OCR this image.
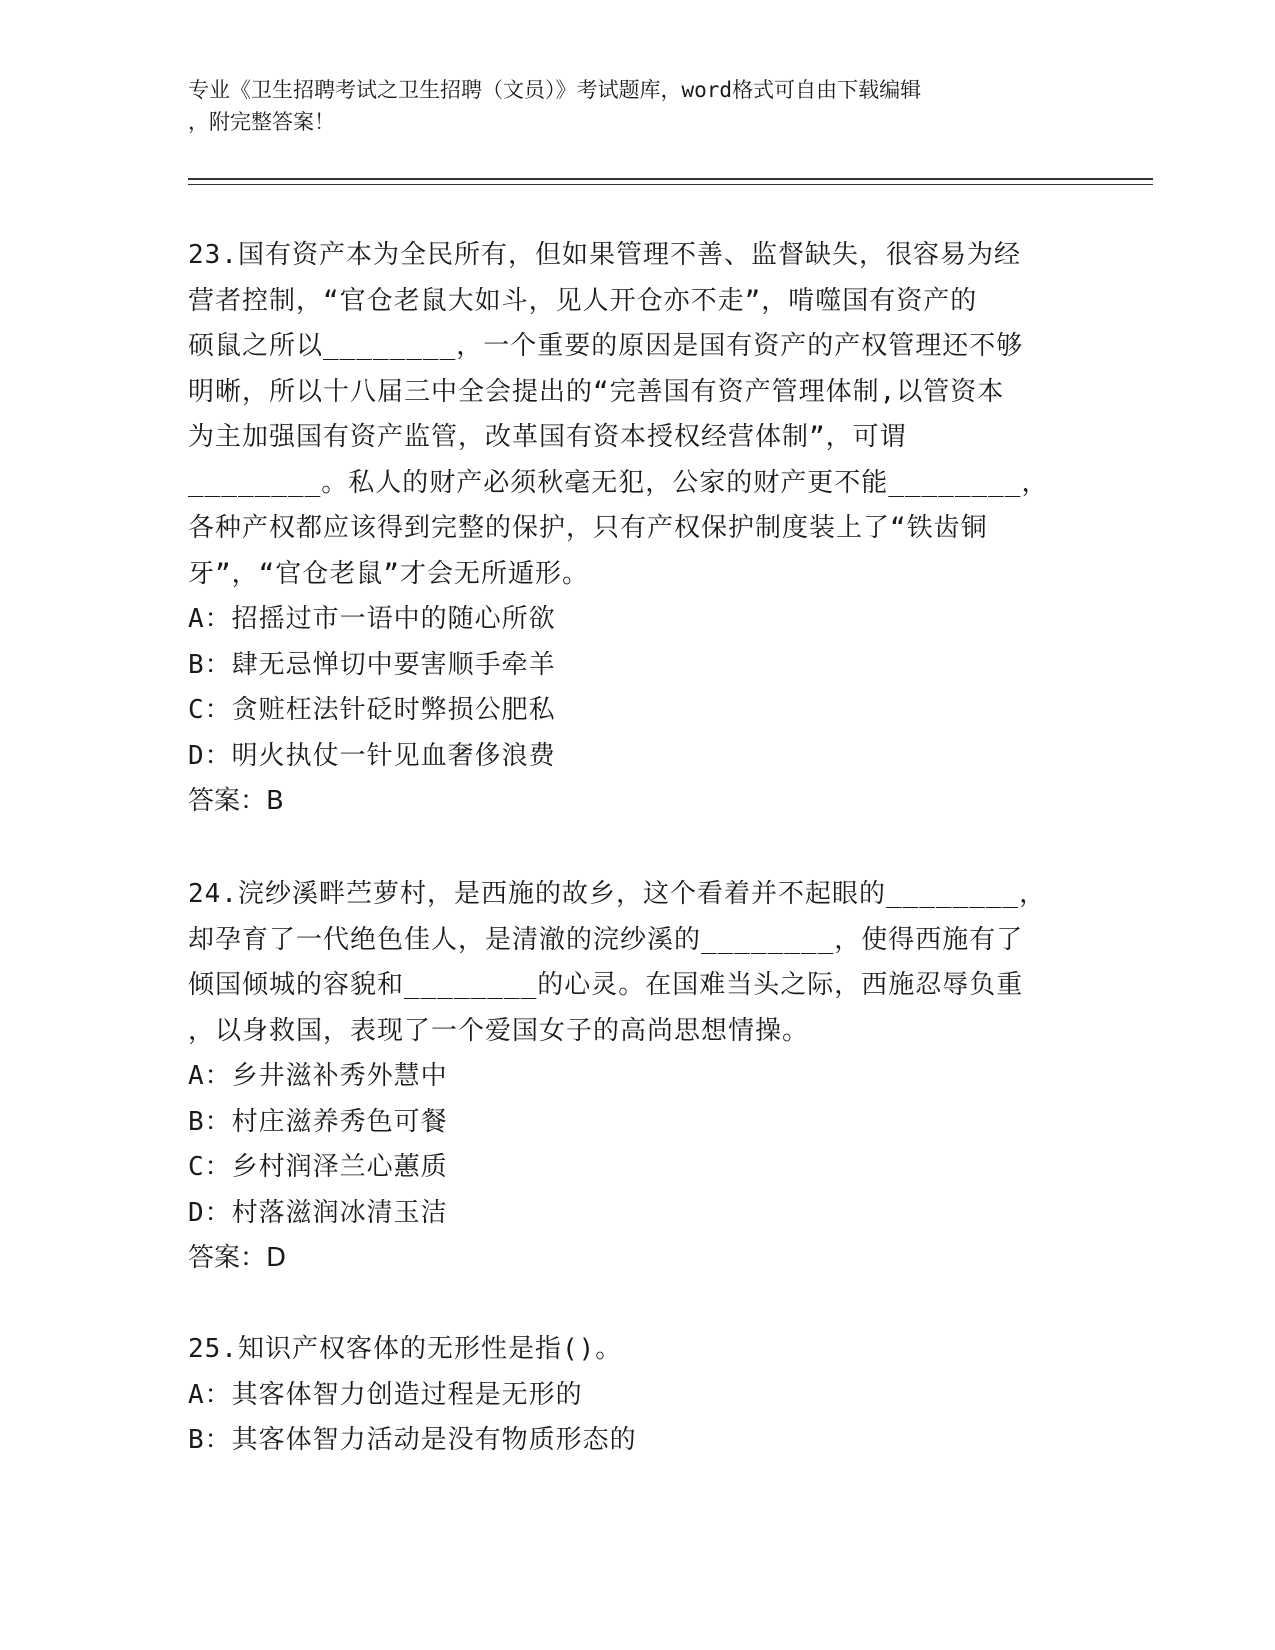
专业《卫生招聘考试之卫生招聘（文员）》考试题库，word格式可自由下载编辑
，附完整答案！
23.国有资产本为全民所有，但如果管理不善、监督缺失，很容易为经
营者控制，“官仓老鼠大如斗，见人开仓亦不走”，啃噬国有资产的
硕鼠之所以________，一个重要的原因是国有资产的产权管理还不够
明晰，所以十八届三中全会提出的“完善国有资产管理体制,以管资本
为主加强国有资产监管，改革国有资本授权经营体制”，可谓
________。私人的财产必须秋毫无犯，公家的财产更不能________，
各种产权都应该得到完整的保护，只有产权保护制度装上了“铁齿铜
牙”，“官仓老鼠”才会无所遁形。
A：招摇过市一语中的随心所欲
B：肆无忌惮切中要害顺手牵羊
C：贪赃枉法针砭时弊损公肥私
D：明火执仗一针见血奢侈浪费
答案：B
24.浣纱溪畔苎萝村，是西施的故乡，这个看着并不起眼的________，
却孕育了一代绝色佳人，是清澈的浣纱溪的________，使得西施有了
倾国倾城的容貌和________的心灵。在国难当头之际，西施忍辱负重
，以身救国，表现了一个爱国女子的高尚思想情操。
A：乡井滋补秀外慧中
B：村庄滋养秀色可餐
C：乡村润泽兰心蕙质
D：村落滋润冰清玉洁
答案：D
25.知识产权客体的无形性是指()。
A：其客体智力创造过程是无形的
B：其客体智力活动是没有物质形态的
